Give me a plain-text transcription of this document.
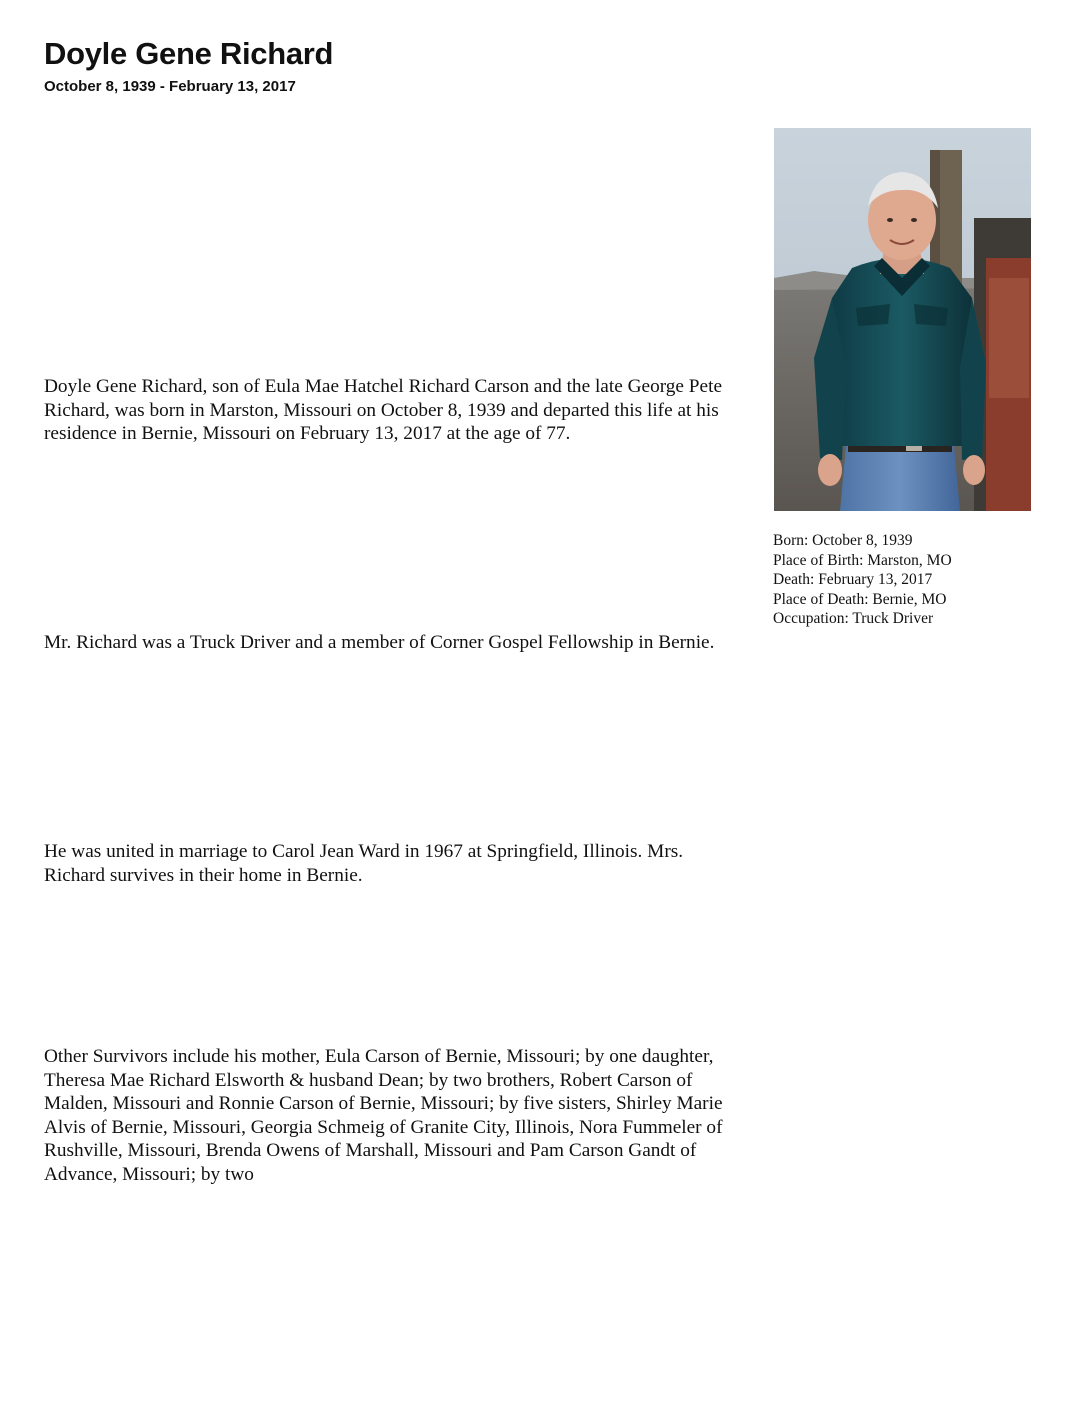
Doyle Gene Richard
October 8, 1939 - February 13, 2017

Doyle Gene Richard, son of Eula Mae Hatchel Richard Carson and the late George Pete Richard, was born in Marston, Missouri on October 8, 1939 and departed this life at his residence in Bernie, Missouri on February 13, 2017 at the age of 77.

Mr. Richard was a Truck Driver and a member of Corner Gospel Fellowship in Bernie.

He was united in marriage to Carol Jean Ward in 1967 at Springfield, Illinois. Mrs. Richard survives in their home in Bernie.

Other Survivors include his mother, Eula Carson of Bernie, Missouri; by one daughter, Theresa Mae Richard Elsworth & husband Dean; by two brothers, Robert Carson of Malden, Missouri and Ronnie Carson of Bernie, Missouri; by five sisters, Shirley Marie Alvis of Bernie, Missouri, Georgia Schmeig of Granite City, Illinois, Nora Fummeler of Rushville, Missouri, Brenda Owens of Marshall, Missouri and Pam Carson Gandt of Advance, Missouri; by two

Born: October 8, 1939
Place of Birth: Marston, MO
Death: February 13, 2017
Place of Death: Bernie, MO
Occupation: Truck Driver
